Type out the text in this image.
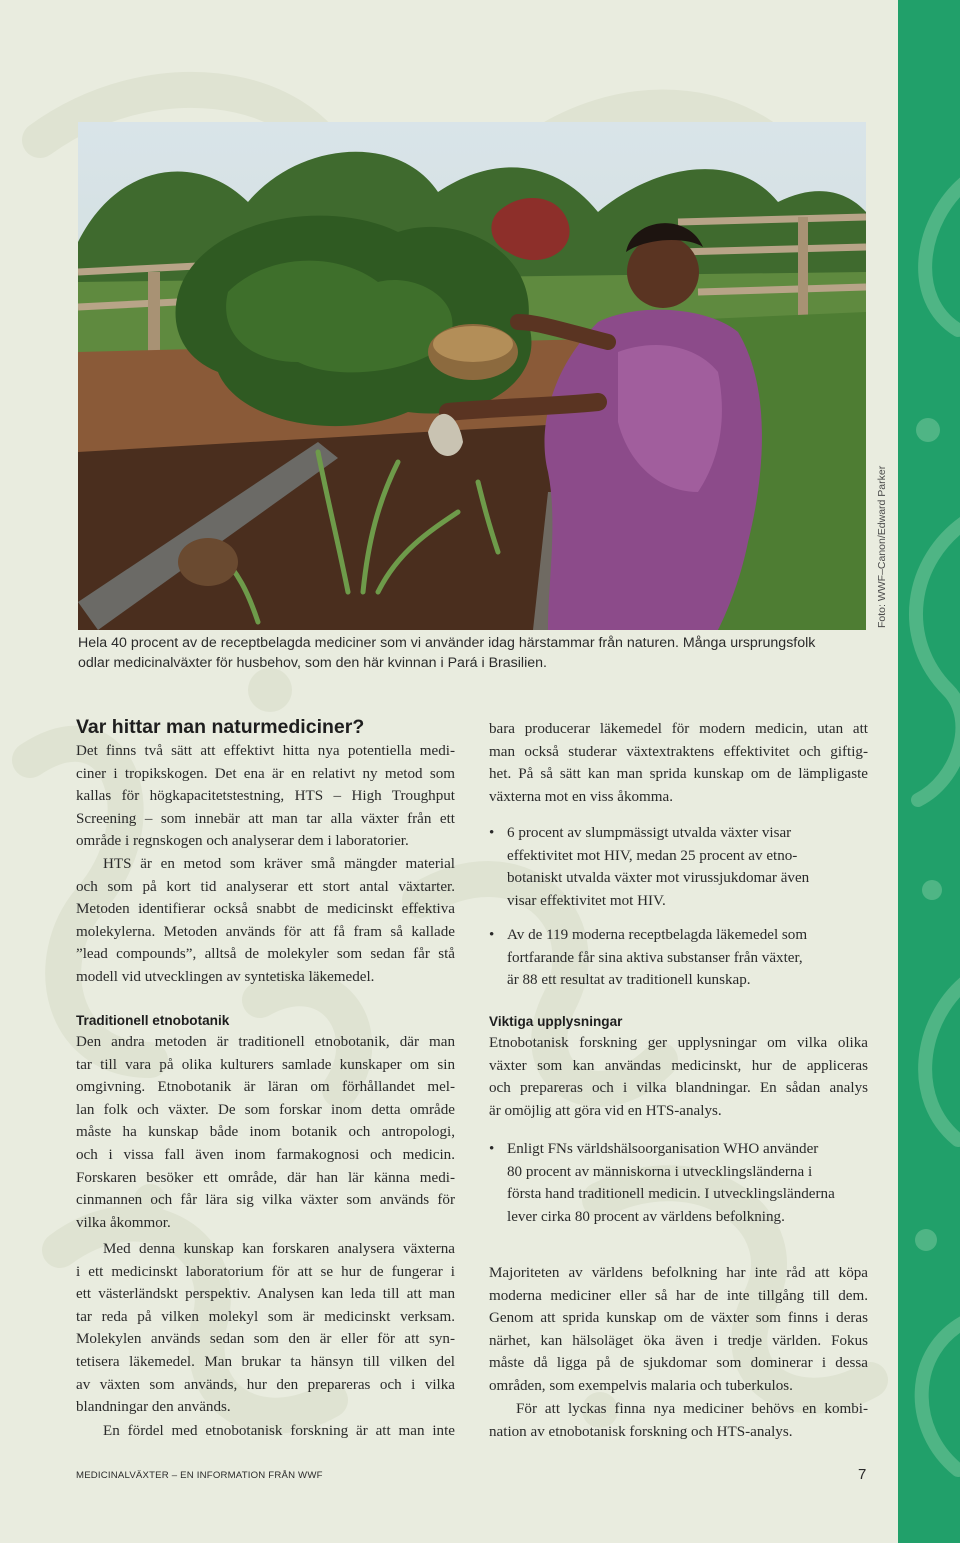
Foto: WWF–Canon/Edward Parker
Hela 40 procent av de receptbelagda mediciner som vi använder idag härstammar från naturen. Många ursprungsfolk
odlar medicinalväxter för husbehov, som den här kvinnan i Pará i Brasilien.
Var hittar man naturmediciner?
Det finns två sätt att effektivt hitta nya potentiella medi-
ciner i tropikskogen. Det ena är en relativt ny metod som
kallas för högkapacitetstestning, HTS – High Troughput
Screening – som innebär att man tar alla växter från ett
område i regnskogen och analyserar dem i laboratorier.
HTS är en metod som kräver små mängder material
och som på kort tid analyserar ett stort antal växtarter.
Metoden identifierar också snabbt de medicinskt effektiva
molekylerna. Metoden används för att få fram så kallade
”lead compounds”, alltså de molekyler som sedan får stå
modell vid utvecklingen av syntetiska läkemedel.
Traditionell etnobotanik
Den andra metoden är traditionell etnobotanik, där man
tar till vara på olika kulturers samlade kunskaper om sin
omgivning. Etnobotanik är läran om förhållandet mel-
lan folk och växter. De som forskar inom detta område
måste ha kunskap både inom botanik och antropologi,
och i vissa fall även inom farmakognosi och medicin.
Forskaren besöker ett område, där han lär känna medi-
cinmannen och får lära sig vilka växter som används för
vilka åkommor.
Med denna kunskap kan forskaren analysera växterna
i ett medicinskt laboratorium för att se hur de fungerar i
ett västerländskt perspektiv. Analysen kan leda till att man
tar reda på vilken molekyl som är medicinskt verksam.
Molekylen används sedan som den är eller för att syn-
tetisera läkemedel. Man brukar ta hänsyn till vilken del
av växten som används, hur den prepareras och i vilka
blandningar den används.
En fördel med etnobotanisk forskning är att man inte
bara producerar läkemedel för modern medicin, utan att
man också studerar växtextraktens effektivitet och giftig-
het. På så sätt kan man sprida kunskap om de lämpligaste
växterna mot en viss åkomma.
• 6 procent av slumpmässigt utvalda växter visar
effektivitet mot HIV, medan 25 procent av etno-
botaniskt utvalda växter mot virussjukdomar även
visar effektivitet mot HIV.
• Av de 119 moderna receptbelagda läkemedel som
fortfarande får sina aktiva substanser från växter,
är 88 ett resultat av traditionell kunskap.
Viktiga upplysningar
Etnobotanisk forskning ger upplysningar om vilka olika
växter som kan användas medicinskt, hur de appliceras
och prepareras och i vilka blandningar. En sådan analys
är omöjlig att göra vid en HTS-analys.
• Enligt FNs världshälsoorganisation WHO använder
80 procent av människorna i utvecklingsländerna i
första hand traditionell medicin. I utvecklingsländerna
lever cirka 80 procent av världens befolkning.
Majoriteten av världens befolkning har inte råd att köpa
moderna mediciner eller så har de inte tillgång till dem.
Genom att sprida kunskap om de växter som finns i deras
närhet, kan hälsoläget öka även i tredje världen. Fokus
måste då ligga på de sjukdomar som dominerar i dessa
områden, som exempelvis malaria och tuberkulos.
För att lyckas finna nya mediciner behövs en kombi-
nation av etnobotanisk forskning och HTS-analys.
MEDICINALVÄXTER – EN INFORMATION FRÅN WWF	7
